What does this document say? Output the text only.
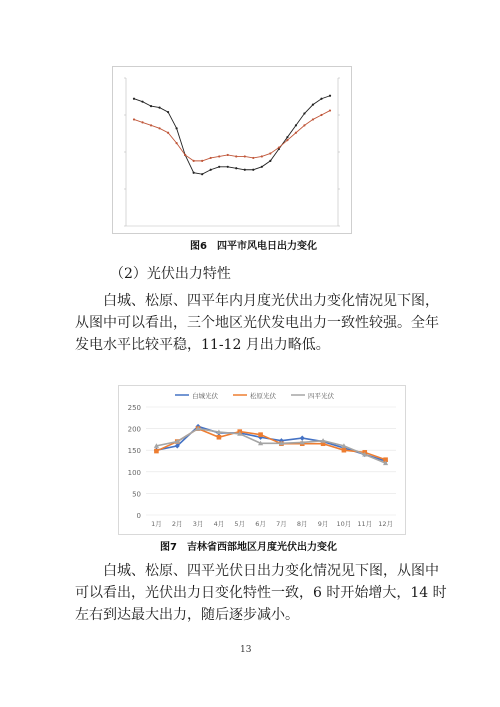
图6　四平市风电日出力变化
（2）光伏出力特性
白城、松原、四平年内月度光伏出力变化情况见下图，
从图中可以看出，三个地区光伏发电出力一致性较强。全年
发电水平比较平稳，11-12 月出力略低。
0
50
100
150
200
250
1月 2月 3月 4月 5月 6月 7月 8月 9月 10月 11月 12月
白城光伏	松原光伏	四平光伏
图7　吉林省西部地区月度光伏出力变化
白城、松原、四平光伏日出力变化情况见下图，从图中
可以看出，光伏出力日变化特性一致，6 时开始增大，14 时
左右到达最大出力，随后逐步减小。
13
